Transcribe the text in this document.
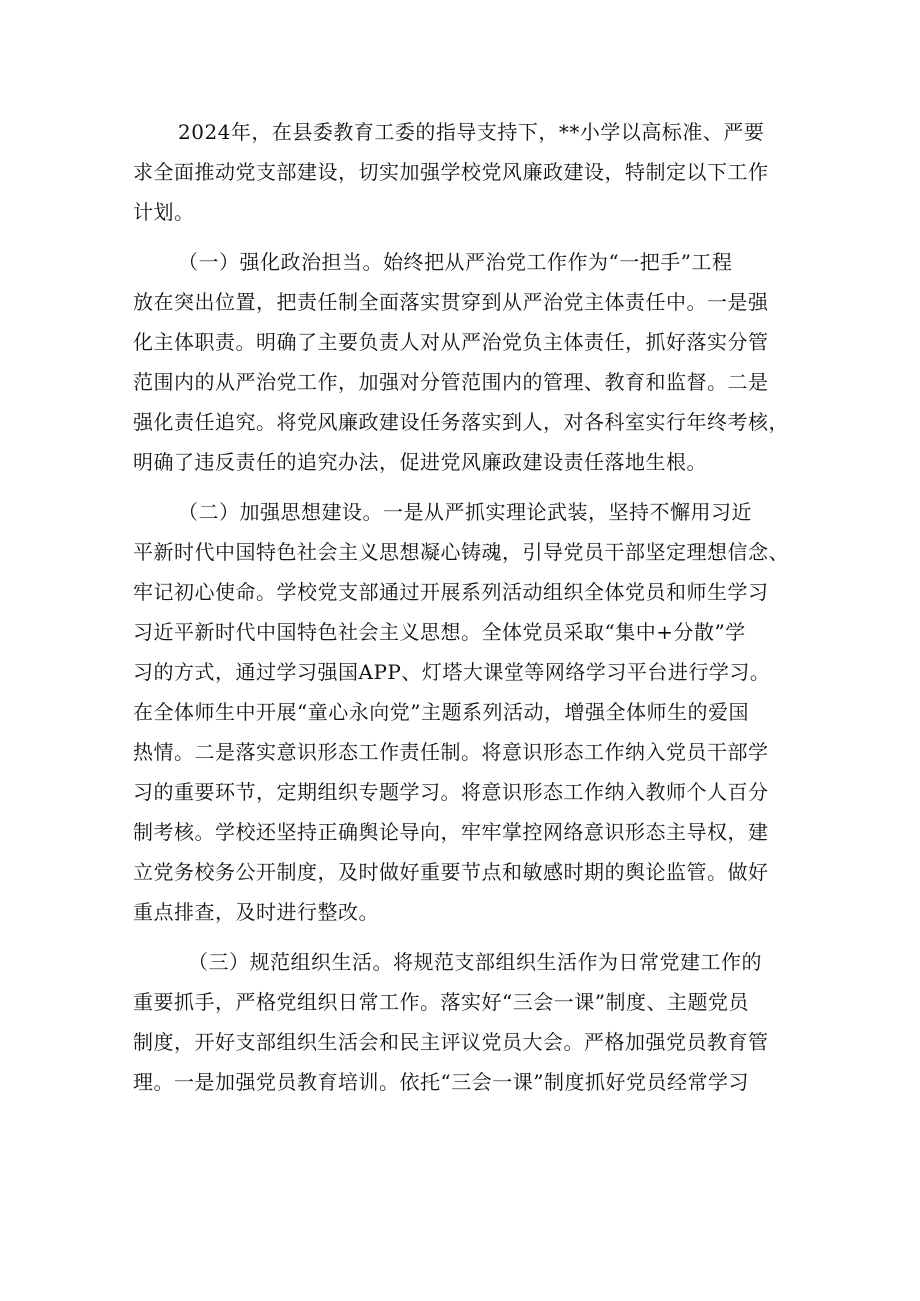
2024年，在县委教育工委的指导支持下，**小学以高标准、严要
求全面推动党支部建设，切实加强学校党风廉政建设，特制定以下工作
计划。
（一）强化政治担当。始终把从严治党工作作为“一把手”工程
放在突出位置，把责任制全面落实贯穿到从严治党主体责任中。一是强
化主体职责。明确了主要负责人对从严治党负主体责任，抓好落实分管
范围内的从严治党工作，加强对分管范围内的管理、教育和监督。二是
强化责任追究。将党风廉政建设任务落实到人，对各科室实行年终考核，
明确了违反责任的追究办法，促进党风廉政建设责任落地生根。
（二）加强思想建设。一是从严抓实理论武装，坚持不懈用习近
平新时代中国特色社会主义思想凝心铸魂，引导党员干部坚定理想信念、
牢记初心使命。学校党支部通过开展系列活动组织全体党员和师生学习
习近平新时代中国特色社会主义思想。全体党员采取“集中+分散”学
习的方式，通过学习强国APP、灯塔大课堂等网络学习平台进行学习。
在全体师生中开展“童心永向党”主题系列活动，增强全体师生的爱国
热情。二是落实意识形态工作责任制。将意识形态工作纳入党员干部学
习的重要环节，定期组织专题学习。将意识形态工作纳入教师个人百分
制考核。学校还坚持正确舆论导向，牢牢掌控网络意识形态主导权，建
立党务校务公开制度，及时做好重要节点和敏感时期的舆论监管。做好
重点排查，及时进行整改。
（三）规范组织生活。将规范支部组织生活作为日常党建工作的
重要抓手，严格党组织日常工作。落实好“三会一课”制度、主题党员
制度，开好支部组织生活会和民主评议党员大会。严格加强党员教育管
理。一是加强党员教育培训。依托“三会一课”制度抓好党员经常学习
